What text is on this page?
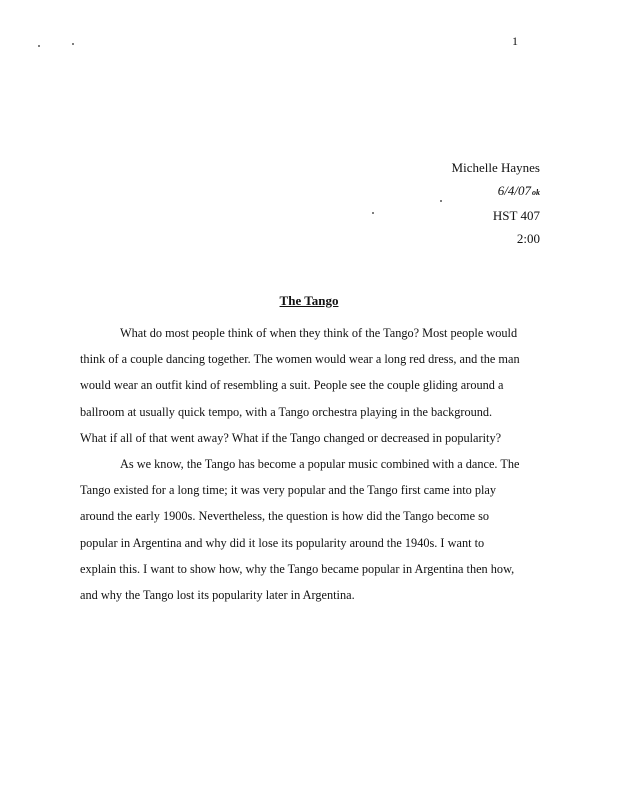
1
Michelle Haynes
6/4/07ok
HST 407
2:00
The Tango

What do most people think of when they think of the Tango? Most people would
think of a couple dancing together. The women would wear a long red dress, and the man
would wear an outfit kind of resembling a suit. People see the couple gliding around a
ballroom at usually quick tempo, with a Tango orchestra playing in the background.
What if all of that went away? What if the Tango changed or decreased in popularity?

As we know, the Tango has become a popular music combined with a dance. The
Tango existed for a long time; it was very popular and the Tango first came into play
around the early 1900s. Nevertheless, the question is how did the Tango become so
popular in Argentina and why did it lose its popularity around the 1940s. I want to
explain this. I want to show how, why the Tango became popular in Argentina then how,
and why the Tango lost its popularity later in Argentina.
